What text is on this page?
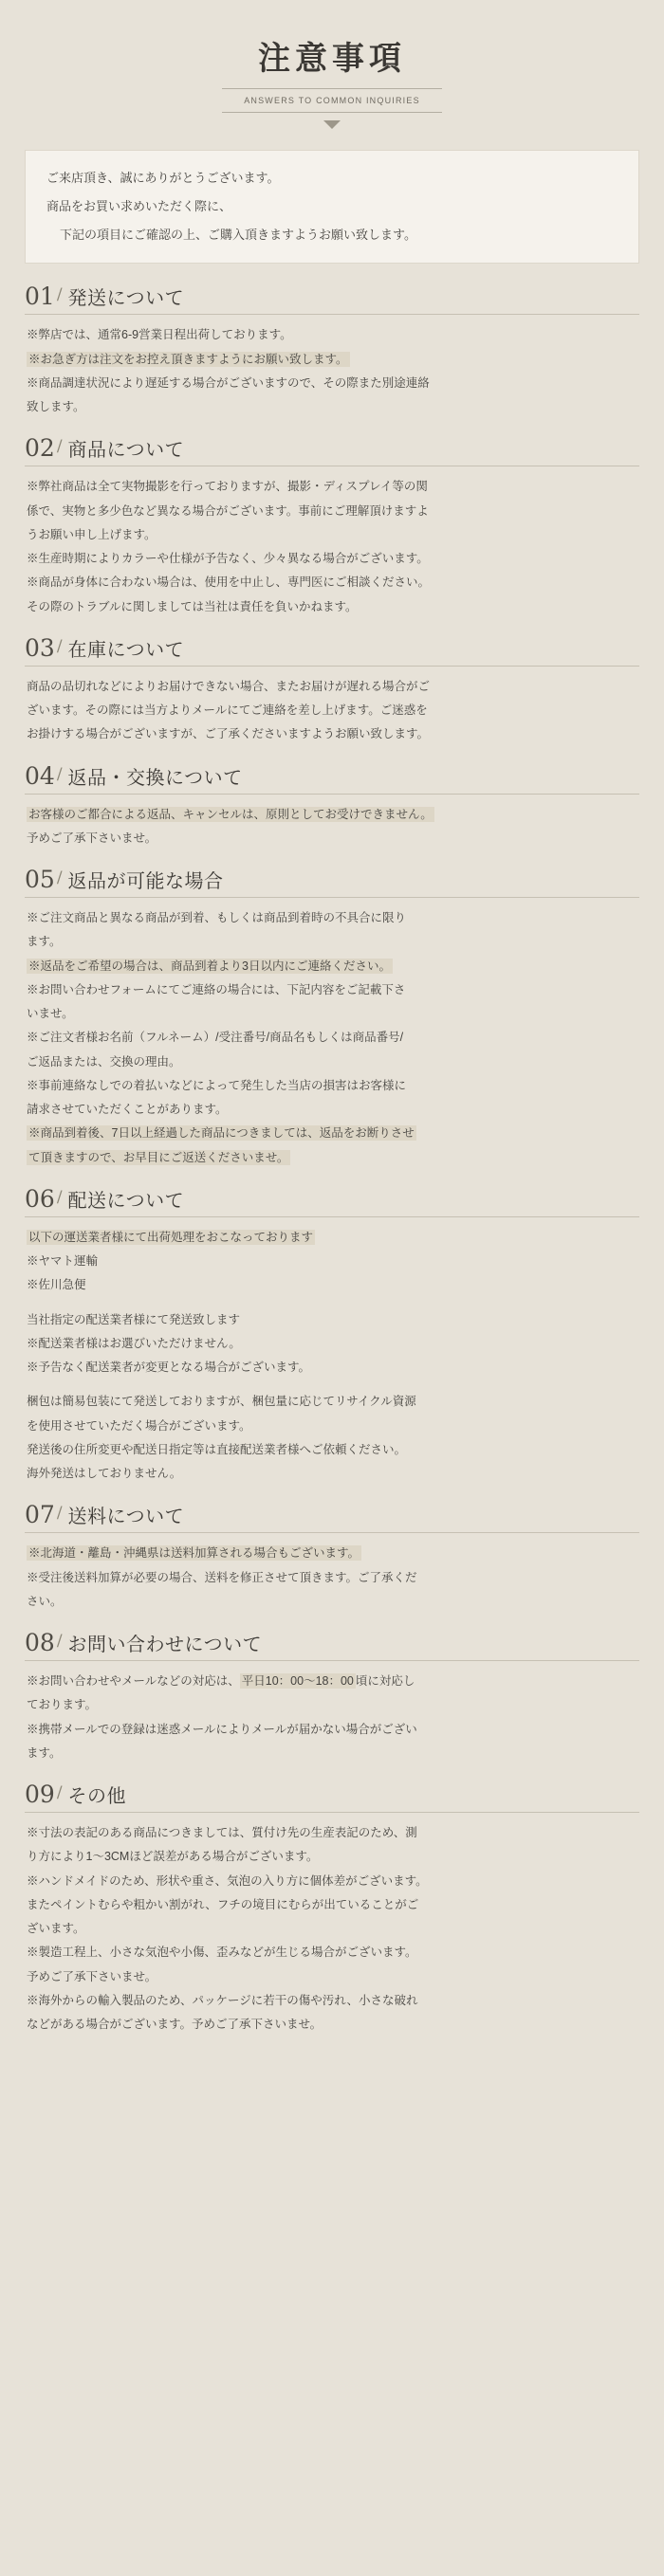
注意事項
ANSWERS TO COMMON INQUIRIES

ご来店頂き、誠にありがとうございます。

商品をお買い求めいただく際に、

下記の項目にご確認の上、ご購入頂きますようお願い致します。

01 / 発送について

※弊店では、通常6-9営業日程出荷しております。

※お急ぎ方は注文をお控え頂きますようにお願い致します。

※商品調達状況により遅延する場合がございますので、その際また別途連絡

致します。

02 / 商品について

※弊社商品は全て実物撮影を行っておりますが、撮影・ディスプレイ等の関

係で、実物と多少色など異なる場合がございます。事前にご理解頂けますよ

うお願い申し上げます。

※生産時期によりカラーや仕様が予告なく、少々異なる場合がございます。

※商品が身体に合わない場合は、使用を中止し、専門医にご相談ください。

その際のトラブルに関しましては当社は責任を負いかねます。

03 / 在庫について

商品の品切れなどによりお届けできない場合、またお届けが遅れる場合がご

ざいます。その際には当方よりメールにてご連絡を差し上げます。ご迷惑を

お掛けする場合がございますが、ご了承くださいますようお願い致します。

04 / 返品・交換について

お客様のご都合による返品、キャンセルは、原則としてお受けできません。

予めご了承下さいませ。

05 / 返品が可能な場合

※ご注文商品と異なる商品が到着、もしくは商品到着時の不具合に限り

ます。

※返品をご希望の場合は、商品到着より3日以内にご連絡ください。

※お問い合わせフォームにてご連絡の場合には、下記内容をご記載下さ

いませ。

※ご注文者様お名前（フルネーム）/受注番号/商品名もしくは商品番号/

ご返品または、交換の理由。

※事前連絡なしでの着払いなどによって発生した当店の損害はお客様に

請求させていただくことがあります。

※商品到着後、7日以上経過した商品につきましては、返品をお断りさせ

て頂きますので、お早目にご返送くださいませ。

06 / 配送について

以下の運送業者様にて出荷処理をおこなっております

※ヤマト運輸

※佐川急便

当社指定の配送業者様にて発送致します

※配送業者様はお選びいただけません。

※予告なく配送業者が変更となる場合がございます。

梱包は簡易包装にて発送しておりますが、梱包量に応じてリサイクル資源

を使用させていただく場合がございます。

発送後の住所変更や配送日指定等は直接配送業者様へご依頼ください。

海外発送はしておりません。

07 / 送料について

※北海道・離島・沖縄県は送料加算される場合もございます。

※受注後送料加算が必要の場合、送料を修正させて頂きます。ご了承くだ

さい。

08 / お問い合わせについて

※お問い合わせやメールなどの対応は、 平日10：00～18：00 頃に対応し

ております。

※携帯メールでの登録は迷惑メールによりメールが届かない場合がござい

ます。

09 / その他

※寸法の表記のある商品につきましては、質付け先の生産表記のため、測

り方により1～3CMほど誤差がある場合がございます。

※ハンドメイドのため、形状や重さ、気泡の入り方に個体差がございます。

またペイントむらや粗かい割がれ、フチの境目にむらが出ていることがご

ざいます。

※製造工程上、小さな気泡や小傷、歪みなどが生じる場合がございます。

予めご了承下さいませ。

※海外からの輸入製品のため、パッケージに若干の傷や汚れ、小さな破れ

などがある場合がございます。予めご了承下さいませ。
